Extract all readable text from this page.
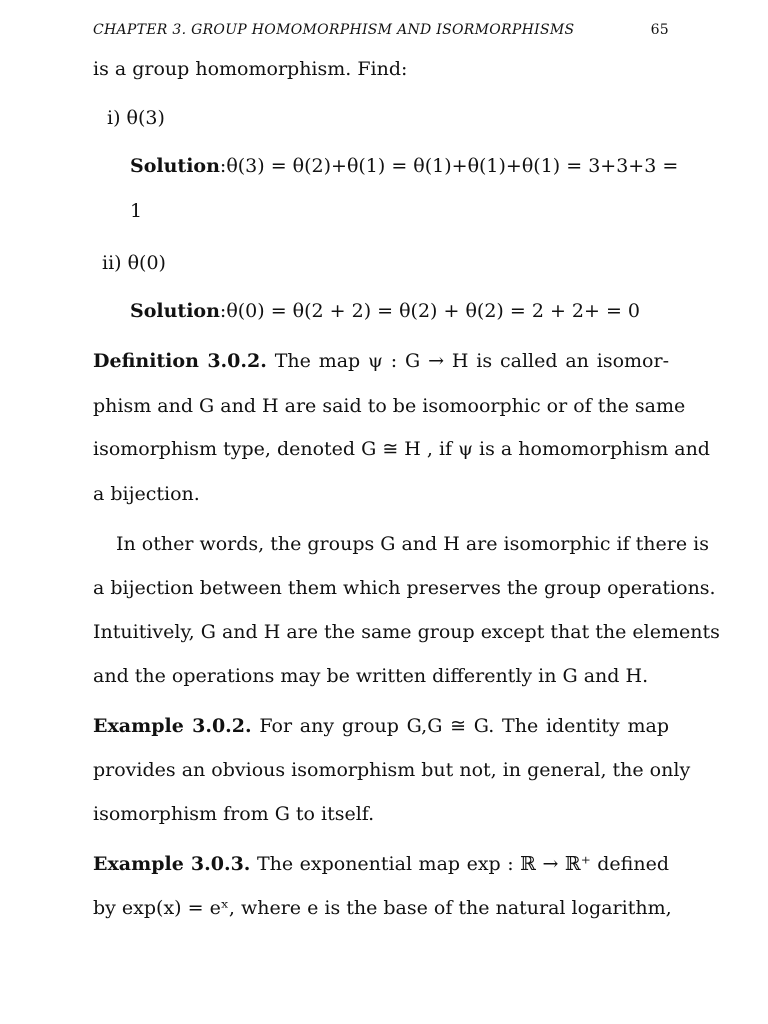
CHAPTER 3. GROUP HOMOMORPHISM AND ISORMORPHISMS	65
is a group homomorphism. Find:
i) θ(3)
Solution:θ(3) = θ(2)+θ(1) = θ(1)+θ(1)+θ(1) = 3+3+3 =
1
ii) θ(0)
Solution:θ(0) = θ(2 + 2) = θ(2) + θ(2) = 2 + 2+ = 0
Definition 3.0.2. The map ψ : G → H is called an isomor-
phism and G and H are said to be isomoorphic or of the same
isomorphism type, denoted G ≅ H , if ψ is a homomorphism and
a bijection.
In other words, the groups G and H are isomorphic if there is
a bijection between them which preserves the group operations.
Intuitively, G and H are the same group except that the elements
and the operations may be written differently in G and H.
Example 3.0.2. For any group G,G ≅ G. The identity map
provides an obvious isomorphism but not, in general, the only
isomorphism from G to itself.
Example 3.0.3. The exponential map exp : ℝ → ℝ⁺ defined
by exp(x) = eˣ, where e is the base of the natural logarithm,
